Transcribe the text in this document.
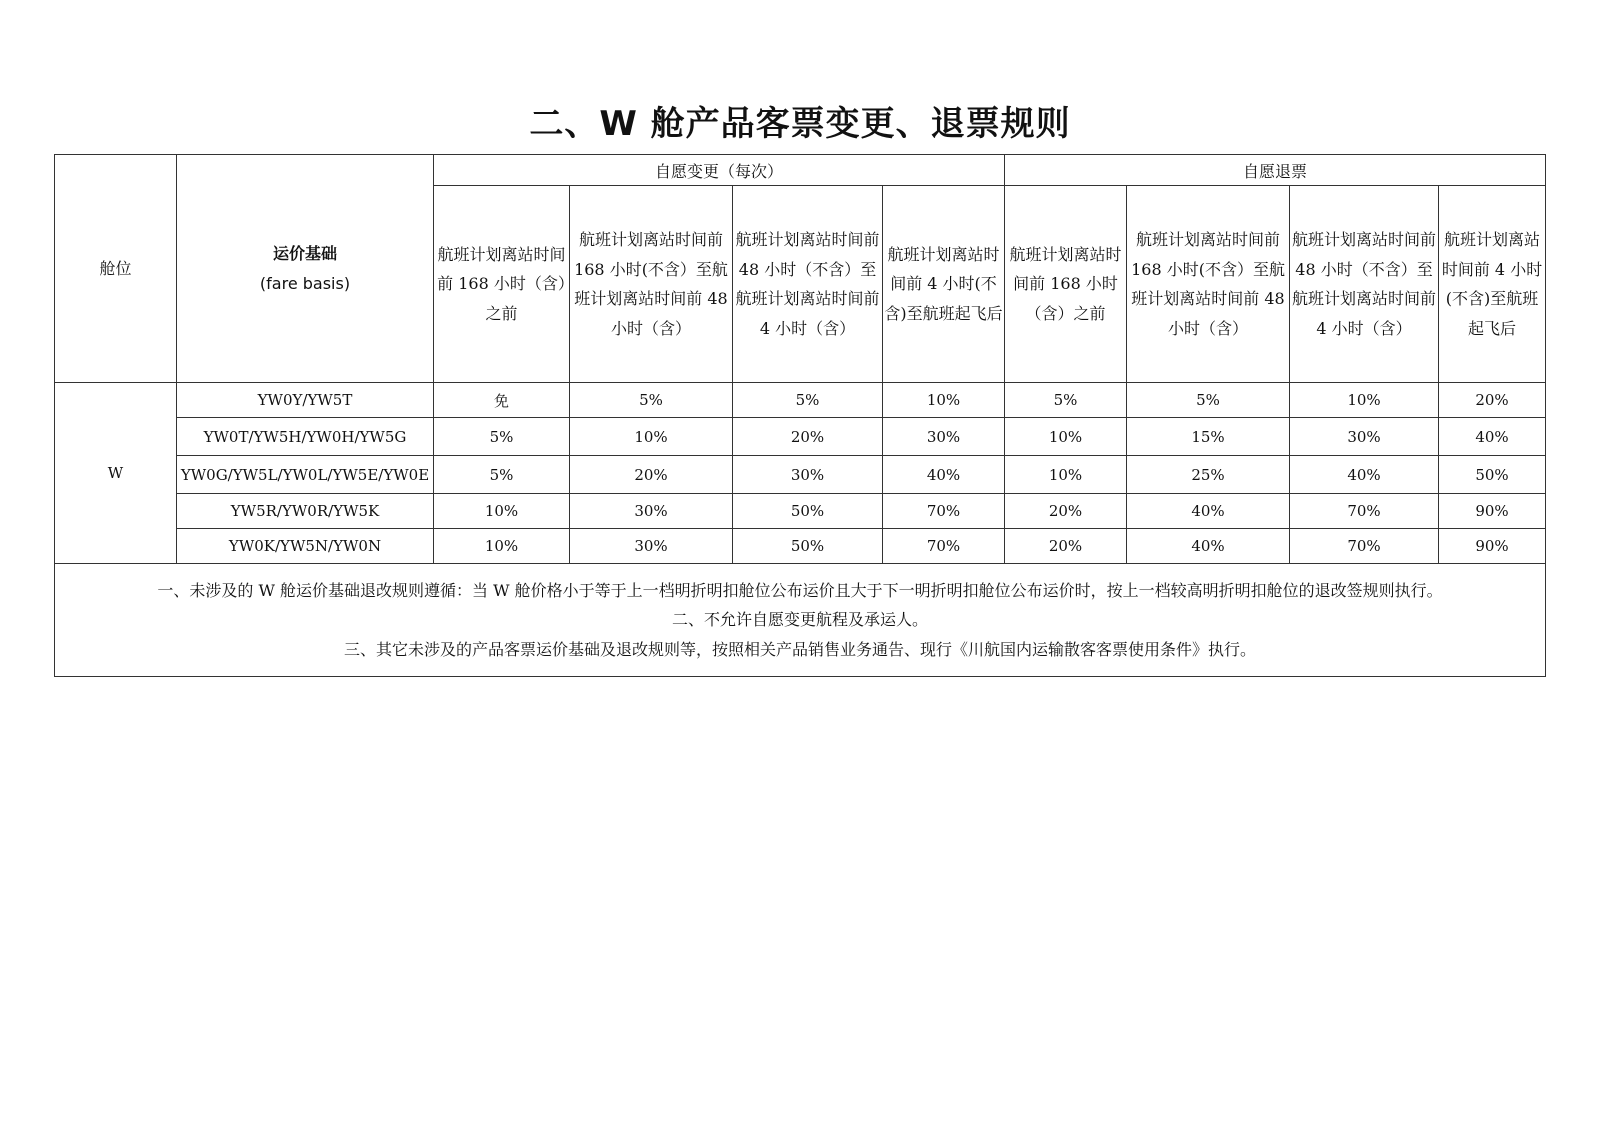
二、W 舱产品客票变更、退票规则
舱位	运价基础
(fare basis)	自愿变更（每次）				自愿退票			
		航班计划离站时间前 168 小时（含）之前	航班计划离站时间前 168 小时(不含）至航班计划离站时间前 48 小时（含）	航班计划离站时间前 48 小时（不含）至航班计划离站时间前 4 小时（含）	航班计划离站时间前 4 小时(不含)至航班起飞后	航班计划离站时间前 168 小时（含）之前	航班计划离站时间前 168 小时(不含）至航班计划离站时间前 48 小时（含）	航班计划离站时间前 48 小时（不含）至航班计划离站时间前 4 小时（含）	航班计划离站时间前 4 小时(不含)至航班起飞后
W	YW0Y/YW5T	免	5%	5%	10%	5%	5%	10%	20%
	YW0T/YW5H/YW0H/YW5G	5%	10%	20%	30%	10%	15%	30%	40%
	YW0G/YW5L/YW0L/YW5E/YW0E	5%	20%	30%	40%	10%	25%	40%	50%
	YW5R/YW0R/YW5K	10%	30%	50%	70%	20%	40%	70%	90%
	YW0K/YW5N/YW0N	10%	30%	50%	70%	20%	40%	70%	90%

一、未涉及的 W 舱运价基础退改规则遵循：当 W 舱价格小于等于上一档明折明扣舱位公布运价且大于下一明折明扣舱位公布运价时，按上一档较高明折明扣舱位的退改签规则执行。
二、不允许自愿变更航程及承运人。
三、其它未涉及的产品客票运价基础及退改规则等，按照相关产品销售业务通告、现行《川航国内运输散客客票使用条件》执行。									
